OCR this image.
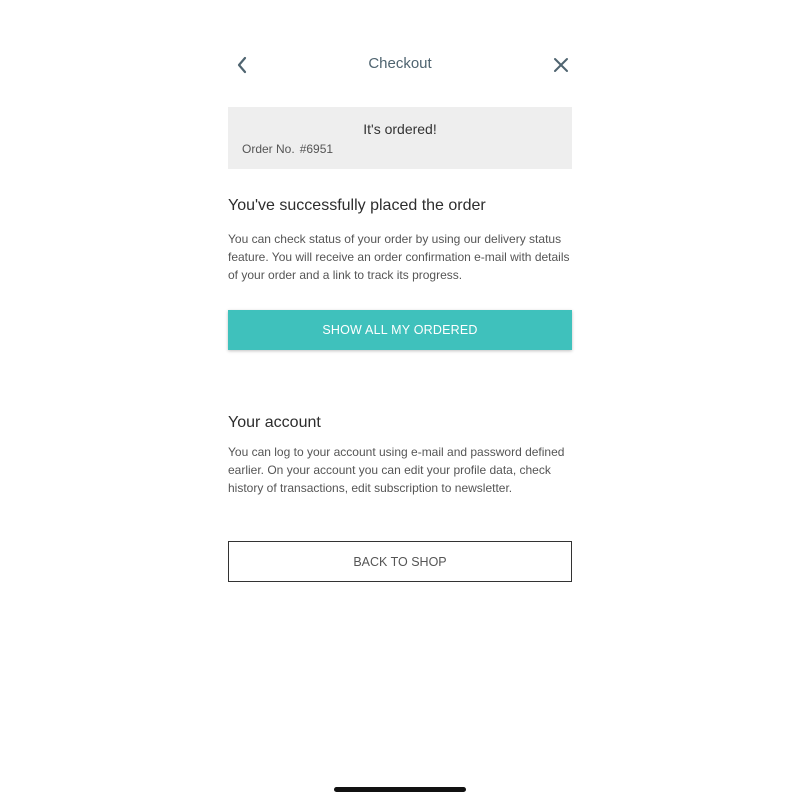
Checkout
It's ordered!
Order No. #6951
You've successfully placed the order
You can check status of your order by using our delivery status feature. You will receive an order confirmation e-mail with details of your order and a link to track its progress.
SHOW ALL MY ORDERED
Your account
You can log to your account using e-mail and password defined earlier. On your account you can edit your profile data, check history of transactions, edit subscription to newsletter.
BACK TO SHOP
